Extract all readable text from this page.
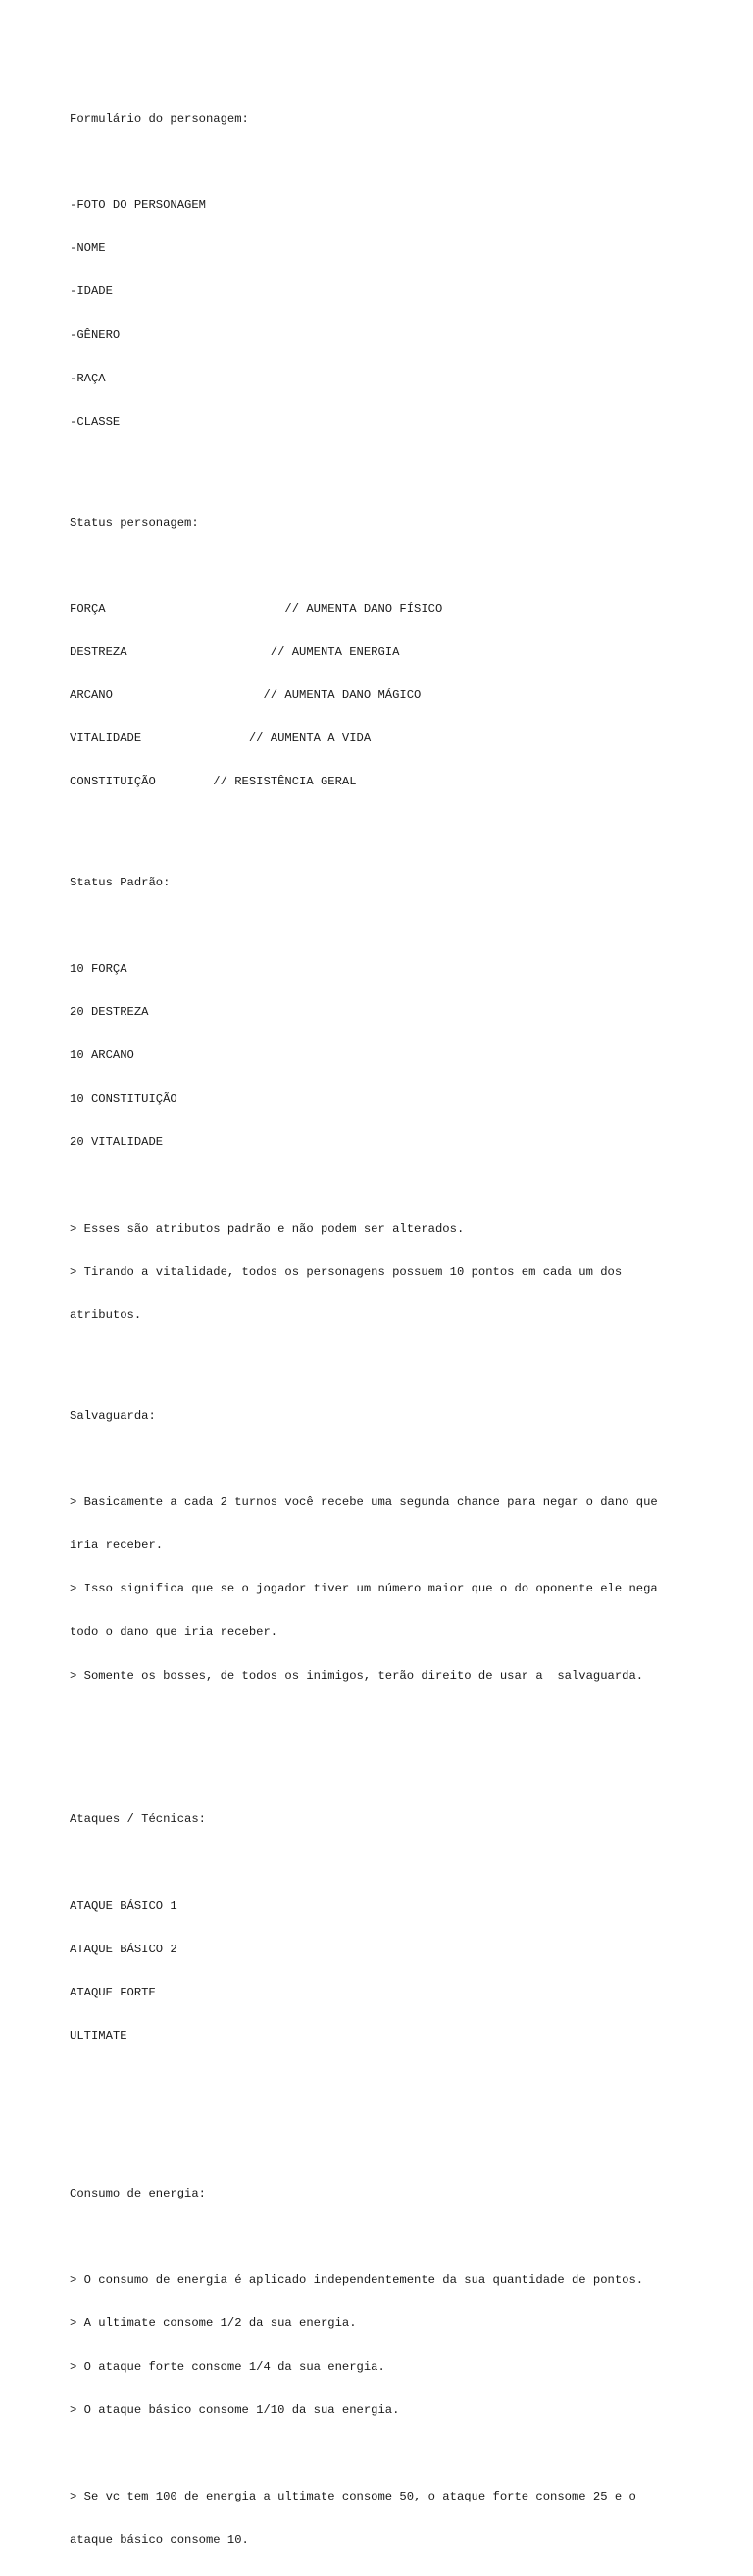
Formulário do personagem:

-FOTO DO PERSONAGEM

-NOME

-IDADE

-GÊNERO

-RAÇA

-CLASSE

Status personagem:

FORÇA                         // AUMENTA DANO FÍSICO

DESTREZA                    // AUMENTA ENERGIA

ARCANO                     // AUMENTA DANO MÁGICO

VITALIDADE               // AUMENTA A VIDA

CONSTITUIÇÃO        // RESISTÊNCIA GERAL

Status Padrão:

10 FORÇA

20 DESTREZA

10 ARCANO

10 CONSTITUIÇÃO

20 VITALIDADE

> Esses são atributos padrão e não podem ser alterados.

> Tirando a vitalidade, todos os personagens possuem 10 pontos em cada um dos

atributos.

Salvaguarda:

> Basicamente a cada 2 turnos você recebe uma segunda chance para negar o dano que

iria receber.

> Isso significa que se o jogador tiver um número maior que o do oponente ele nega

todo o dano que iria receber.

> Somente os bosses, de todos os inimigos, terão direito de usar a  salvaguarda.

Ataques / Técnicas:

ATAQUE BÁSICO 1

ATAQUE BÁSICO 2

ATAQUE FORTE

ULTIMATE

Consumo de energia:

> O consumo de energia é aplicado independentemente da sua quantidade de pontos.

> A ultimate consome 1/2 da sua energia.

> O ataque forte consome 1/4 da sua energia.

> O ataque básico consome 1/10 da sua energia.

> Se vc tem 100 de energia a ultimate consome 50, o ataque forte consome 25 e o

ataque básico consome 10.
